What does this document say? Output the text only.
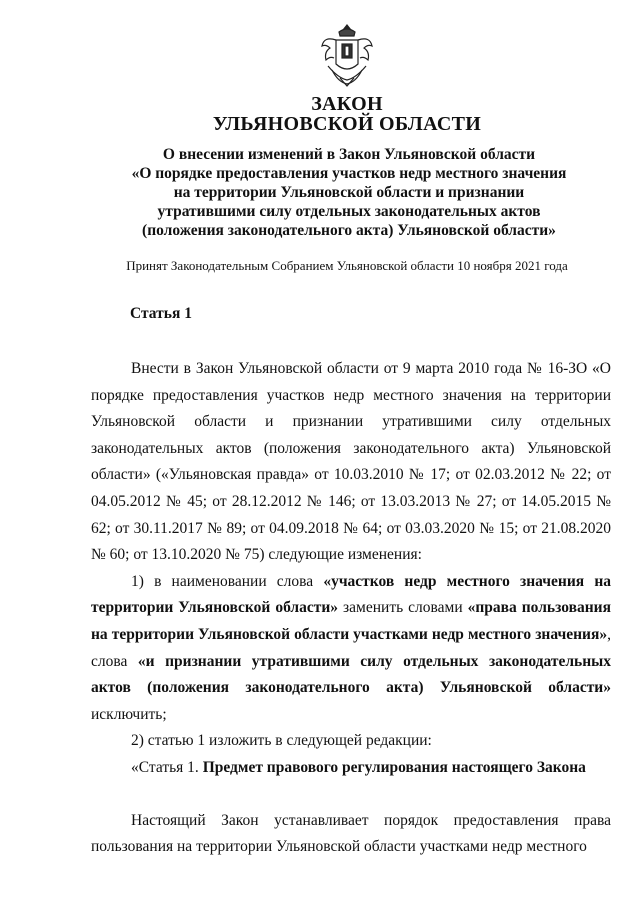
ЗАКОН
УЛЬЯНОВСКОЙ ОБЛАСТИ
О внесении изменений в Закон Ульяновской области
«О порядке предоставления участков недр местного значения
на территории Ульяновской области и признании
утратившими силу отдельных законодательных актов
(положения законодательного акта) Ульяновской области»
Принят Законодательным Собранием Ульяновской области 10 ноября 2021 года
Статья 1

Внести в Закон Ульяновской области от 9 марта 2010 года № 16-ЗО «О порядке предоставления участков недр местного значения на территории Ульяновской области и признании утратившими силу отдельных законодательных актов (положения законодательного акта) Ульяновской области» («Ульяновская правда» от 10.03.2010 № 17; от 02.03.2012 № 22; от 04.05.2012 № 45; от 28.12.2012 № 146; от 13.03.2013 № 27; от 14.05.2015 № 62; от 30.11.2017 № 89; от 04.09.2018 № 64; от 03.03.2020 № 15; от 21.08.2020 № 60; от 13.10.2020 № 75) следующие изменения:

1) в наименовании слова «участков недр местного значения на территории Ульяновской области» заменить словами «права пользования на территории Ульяновской области участками недр местного значения», слова «и признании утратившими силу отдельных законодательных актов (положения законодательного акта) Ульяновской области» исключить;

2) статью 1 изложить в следующей редакции:

«Статья 1. Предмет правового регулирования настоящего Закона

Настоящий Закон устанавливает порядок предоставления права пользования на территории Ульяновской области участками недр местного
